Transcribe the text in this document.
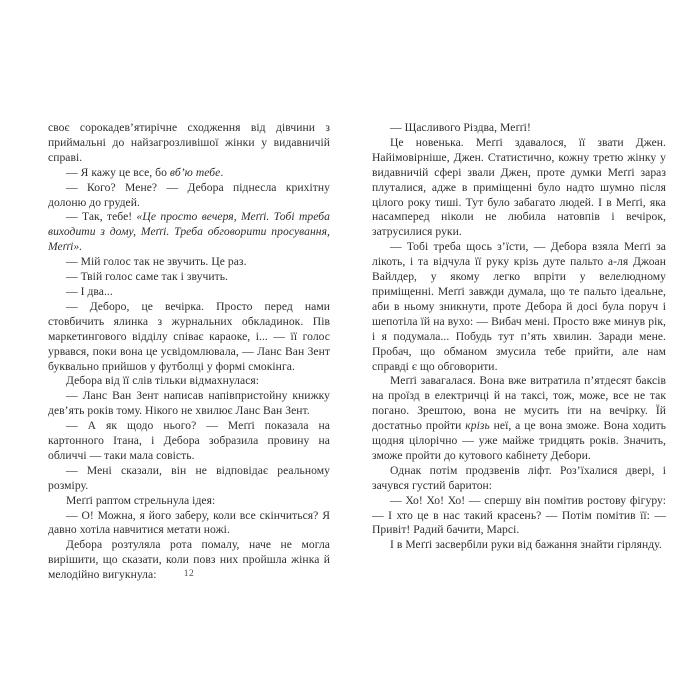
своє сорокадев’ятирічне сходження від дівчини з приймальні до найзагрозливішої жінки у видавничій справі.

— Я кажу це все, бо вб’ю тебе.

— Кого? Мене? — Дебора піднесла крихітну долоню до грудей.

— Так, тебе! «Це просто вечеря, Меґґі. Тобі треба виходити з дому, Меґґі. Треба обговорити просування, Меґґі».

— Мій голос так не звучить. Це раз.

— Твій голос саме так і звучить.

— І два...

— Деборо, це вечірка. Просто перед нами стовбичить ялинка з журнальних обкладинок. Пів маркетингового відділу співає караоке, і... — її голос урвався, поки вона це усвідомлювала, — Ланс Ван Зент буквально прийшов у футболці у формі смокінга.

Дебора від її слів тільки відмахнулася:

— Ланс Ван Зент написав напівпристойну книжку дев’ять років тому. Нікого не хвилює Ланс Ван Зент.

— А як щодо нього? — Меґґі показала на картонного Ітана, і Дебора зобразила провину на обличчі — таки мала совість.

— Мені сказали, він не відповідає реальному розміру.

Меґґі раптом стрельнула ідея:

— О! Можна, я його заберу, коли все скінчиться? Я давно хотіла навчитися метати ножі.

Дебора розтуляла рота помалу, наче не могла вирішити, що сказати, коли повз них пройшла жінка й мелодійно вигукнула:

— Щасливого Різдва, Меґґі!

Це новенька. Меґґі здавалося, її звати Джен. Найімовірніше, Джен. Статистично, кожну третю жінку у видавничій сфері звали Джен, проте думки Меґґі зараз плуталися, адже в приміщенні було надто шумно після цілого року тиші. Тут було забагато людей. І в Меґґі, яка насамперед ніколи не любила натовпів і вечірок, затрусилися руки.

— Тобі треба щось з’їсти, — Дебора взяла Меґґі за лікоть, і та відчула її руку крізь дуте пальто а-ля Джоан Вайлдер, у якому легко впріти у велелюдному приміщенні. Меґґі завжди думала, що те пальто ідеальне, аби в ньому зникнути, проте Дебора й досі була поруч і шепотіла їй на вухо: — Вибач мені. Просто вже минув рік, і я подумала... Побудь тут п’ять хвилин. Заради мене. Пробач, що обманом змусила тебе прийти, але нам справді є що обговорити.

Меґґі завагалася. Вона вже витратила п’ятдесят баксів на проїзд в електричці й на таксі, тож, може, все не так погано. Зрештою, вона не мусить іти на вечірку. Їй достатньо пройти крізь неї, а це вона зможе. Вона ходить щодня цілорічно — уже майже тридцять років. Значить, зможе пройти до кутового кабінету Дебори.

Однак потім продзвенів ліфт. Роз’їхалися двері, і зачувся густий баритон:

— Хо! Хо! Хо! — спершу він помітив ростову фігуру: — І хто це в нас такий красень? — Потім помітив її: — Привіт! Радий бачити, Марсі.

І в Меґґі засвербіли руки від бажання знайти гірлянду.

12
